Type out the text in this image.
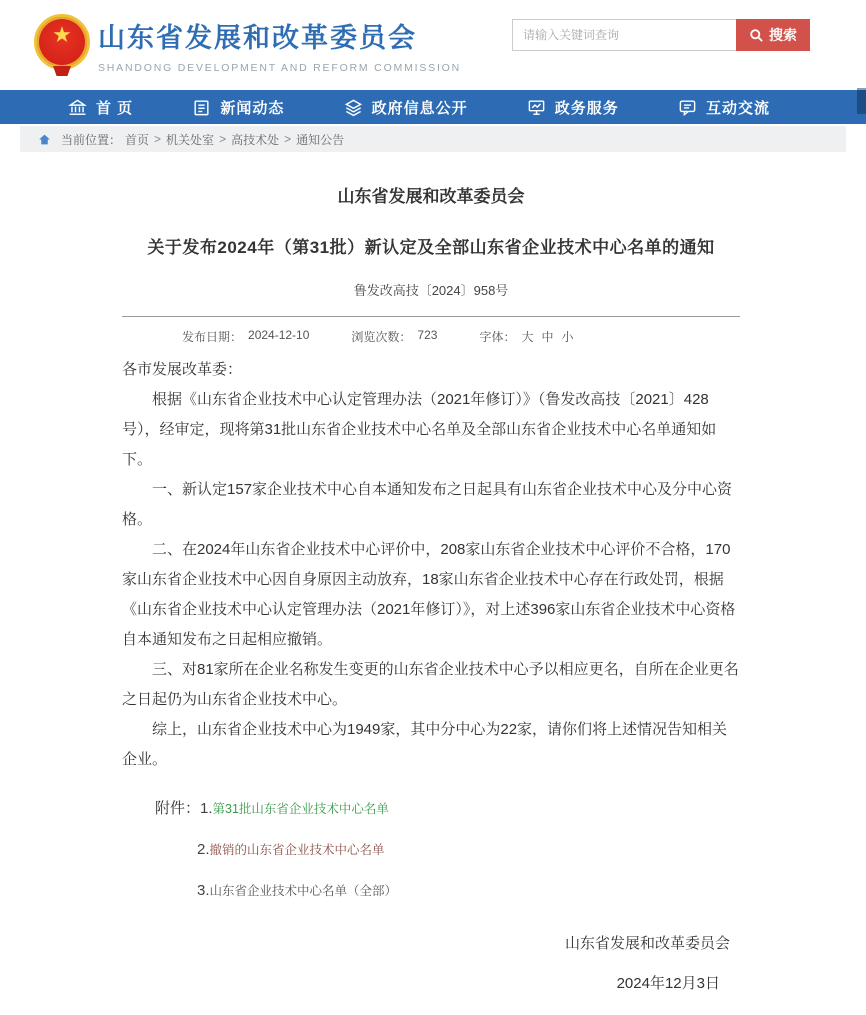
★ 山东省发展和改革委员会
SHANDONG DEVELOPMENT AND REFORM COMMISSION
请输入关键词查询
搜索
首 页	新闻动态	政府信息公开	政务服务	互动交流
当前位置： 首页 > 机关处室 > 高技术处 > 通知公告
山东省发展和改革委员会
关于发布2024年（第31批）新认定及全部山东省企业技术中心名单的通知
鲁发改高技〔2024〕958号
发布日期： 2024-12-10	浏览次数： 723	字体： 大 中 小

各市发展改革委：

根据《山东省企业技术中心认定管理办法（2021年修订）》（鲁发改高技〔2021〕428号），经审定，现将第31批山东省企业技术中心名单及全部山东省企业技术中心名单通知如下。

一、新认定157家企业技术中心自本通知发布之日起具有山东省企业技术中心及分中心资格。

二、在2024年山东省企业技术中心评价中，208家山东省企业技术中心评价不合格，170家山东省企业技术中心因自身原因主动放弃，18家山东省企业技术中心存在行政处罚，根据《山东省企业技术中心认定管理办法（2021年修订）》，对上述396家山东省企业技术中心资格自本通知发布之日起相应撤销。

三、对81家所在企业名称发生变更的山东省企业技术中心予以相应更名，自所在企业更名之日起仍为山东省企业技术中心。

综上，山东省企业技术中心为1949家，其中分中心为22家，请你们将上述情况告知相关企业。

附件： 1. 第31批山东省企业技术中心名单
2. 撤销的山东省企业技术中心名单
3. 山东省企业技术中心名单（全部）
山东省发展和改革委员会
2024年12月3日
